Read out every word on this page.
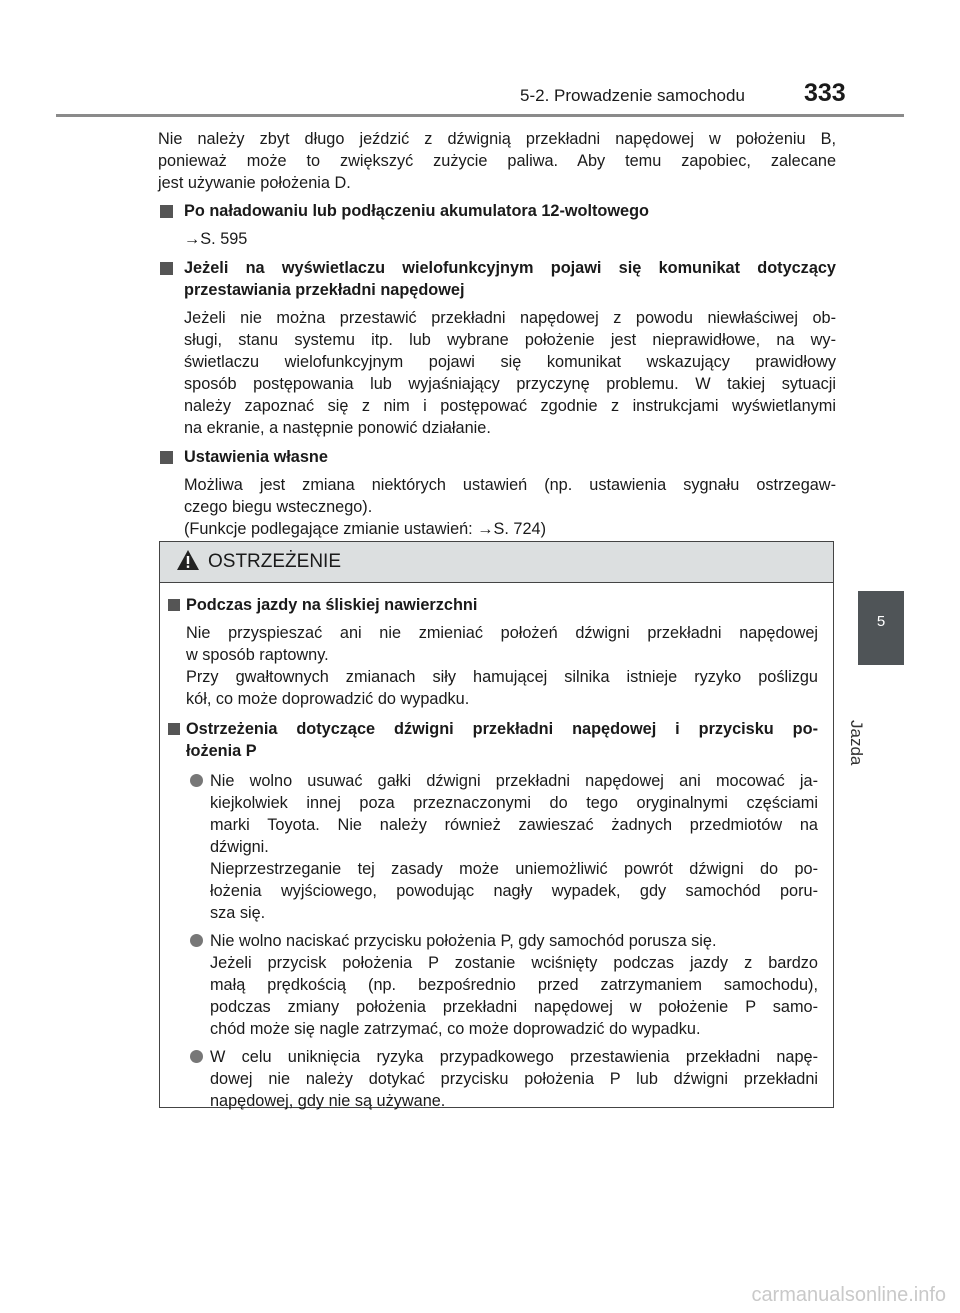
5-2. Prowadzenie samochodu 333
5
Jazda
Nie należy zbyt długo jeździć z dźwignią przekładni napędowej w położeniu B,
ponieważ może to zwiększyć zużycie paliwa. Aby temu zapobiec, zalecane
jest używanie położenia D.
Po naładowaniu lub podłączeniu akumulatora 12-woltowego
→S. 595
Jeżeli na wyświetlaczu wielofunkcyjnym pojawi się komunikat dotyczący
przestawiania przekładni napędowej
Jeżeli nie można przestawić przekładni napędowej z powodu niewłaściwej ob-
sługi, stanu systemu itp. lub wybrane położenie jest nieprawidłowe, na wy-
świetlaczu wielofunkcyjnym pojawi się komunikat wskazujący prawidłowy
sposób postępowania lub wyjaśniający przyczynę problemu. W takiej sytuacji
należy zapoznać się z nim i postępować zgodnie z instrukcjami wyświetlanymi
na ekranie, a następnie ponowić działanie.
Ustawienia własne
Możliwa jest zmiana niektórych ustawień (np. ustawienia sygnału ostrzegaw-
czego biegu wstecznego).
(Funkcje podlegające zmianie ustawień: →S. 724)
OSTRZEŻENIE
Podczas jazdy na śliskiej nawierzchni
Nie przyspieszać ani nie zmieniać położeń dźwigni przekładni napędowej
w sposób raptowny.
Przy gwałtownych zmianach siły hamującej silnika istnieje ryzyko poślizgu
kół, co może doprowadzić do wypadku.
Ostrzeżenia dotyczące dźwigni przekładni napędowej i przycisku po-
łożenia P
Nie wolno usuwać gałki dźwigni przekładni napędowej ani mocować ja-
kiejkolwiek innej poza przeznaczonymi do tego oryginalnymi częściami
marki Toyota. Nie należy również zawieszać żadnych przedmiotów na
dźwigni.
Nieprzestrzeganie tej zasady może uniemożliwić powrót dźwigni do po-
łożenia wyjściowego, powodując nagły wypadek, gdy samochód poru-
sza się.
Nie wolno naciskać przycisku położenia P, gdy samochód porusza się.
Jeżeli przycisk położenia P zostanie wciśnięty podczas jazdy z bardzo
małą prędkością (np. bezpośrednio przed zatrzymaniem samochodu),
podczas zmiany położenia przekładni napędowej w położenie P samo-
chód może się nagle zatrzymać, co może doprowadzić do wypadku.
W celu uniknięcia ryzyka przypadkowego przestawienia przekładni napę-
dowej nie należy dotykać przycisku położenia P lub dźwigni przekładni
napędowej, gdy nie są używane.
carmanualsonline.info
